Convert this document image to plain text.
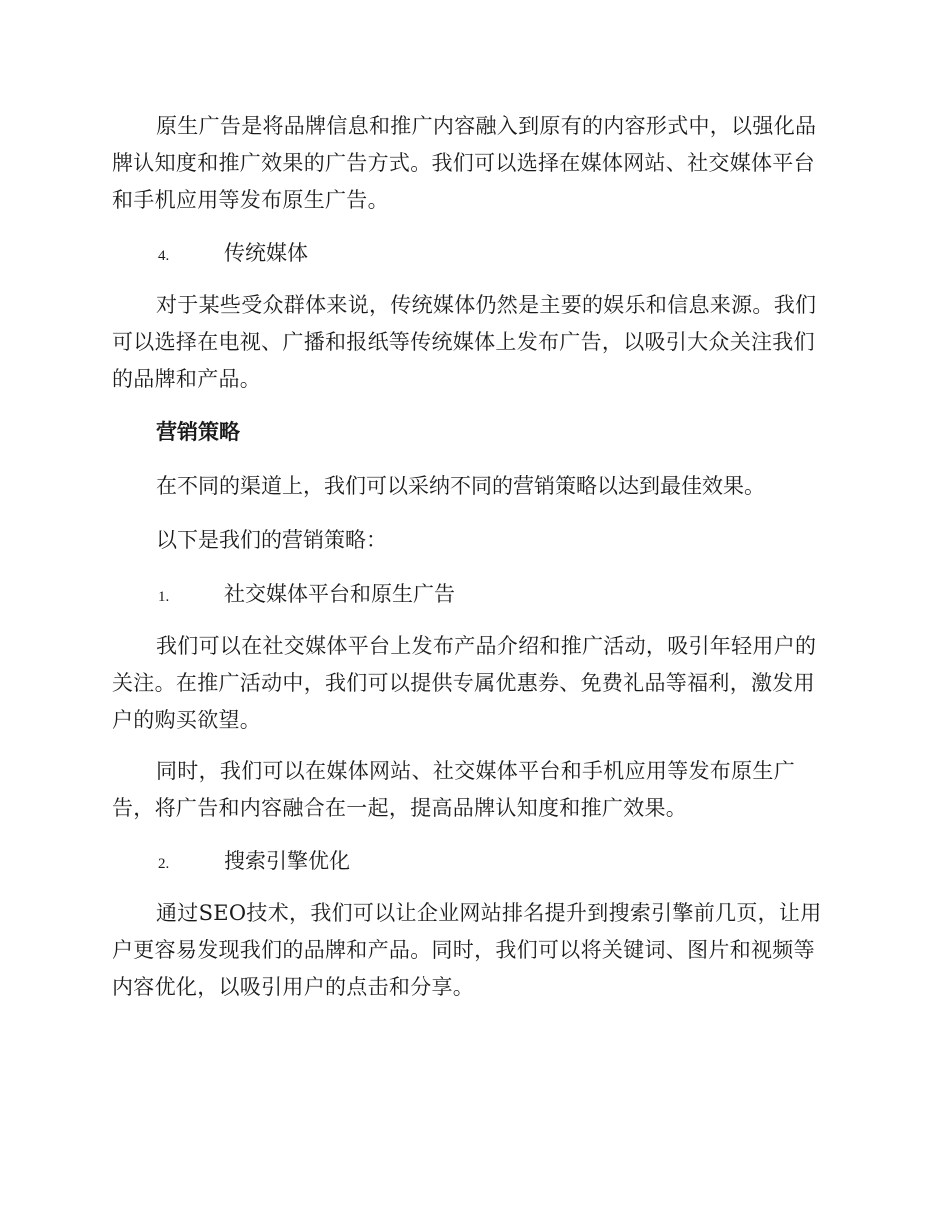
原生广告是将品牌信息和推广内容融入到原有的内容形式中，以强化品牌认知度和推广效果的广告方式。我们可以选择在媒体网站、社交媒体平台和手机应用等发布原生广告。

4.	传统媒体

对于某些受众群体来说，传统媒体仍然是主要的娱乐和信息来源。我们可以选择在电视、广播和报纸等传统媒体上发布广告，以吸引大众关注我们的品牌和产品。

营销策略

在不同的渠道上，我们可以采纳不同的营销策略以达到最佳效果。

以下是我们的营销策略：

1.	社交媒体平台和原生广告

我们可以在社交媒体平台上发布产品介绍和推广活动，吸引年轻用户的关注。在推广活动中，我们可以提供专属优惠券、免费礼品等福利，激发用户的购买欲望。

同时，我们可以在媒体网站、社交媒体平台和手机应用等发布原生广告，将广告和内容融合在一起，提高品牌认知度和推广效果。

2.	搜索引擎优化

通过SEO技术，我们可以让企业网站排名提升到搜索引擎前几页，让用户更容易发现我们的品牌和产品。同时，我们可以将关键词、图片和视频等内容优化，以吸引用户的点击和分享。
